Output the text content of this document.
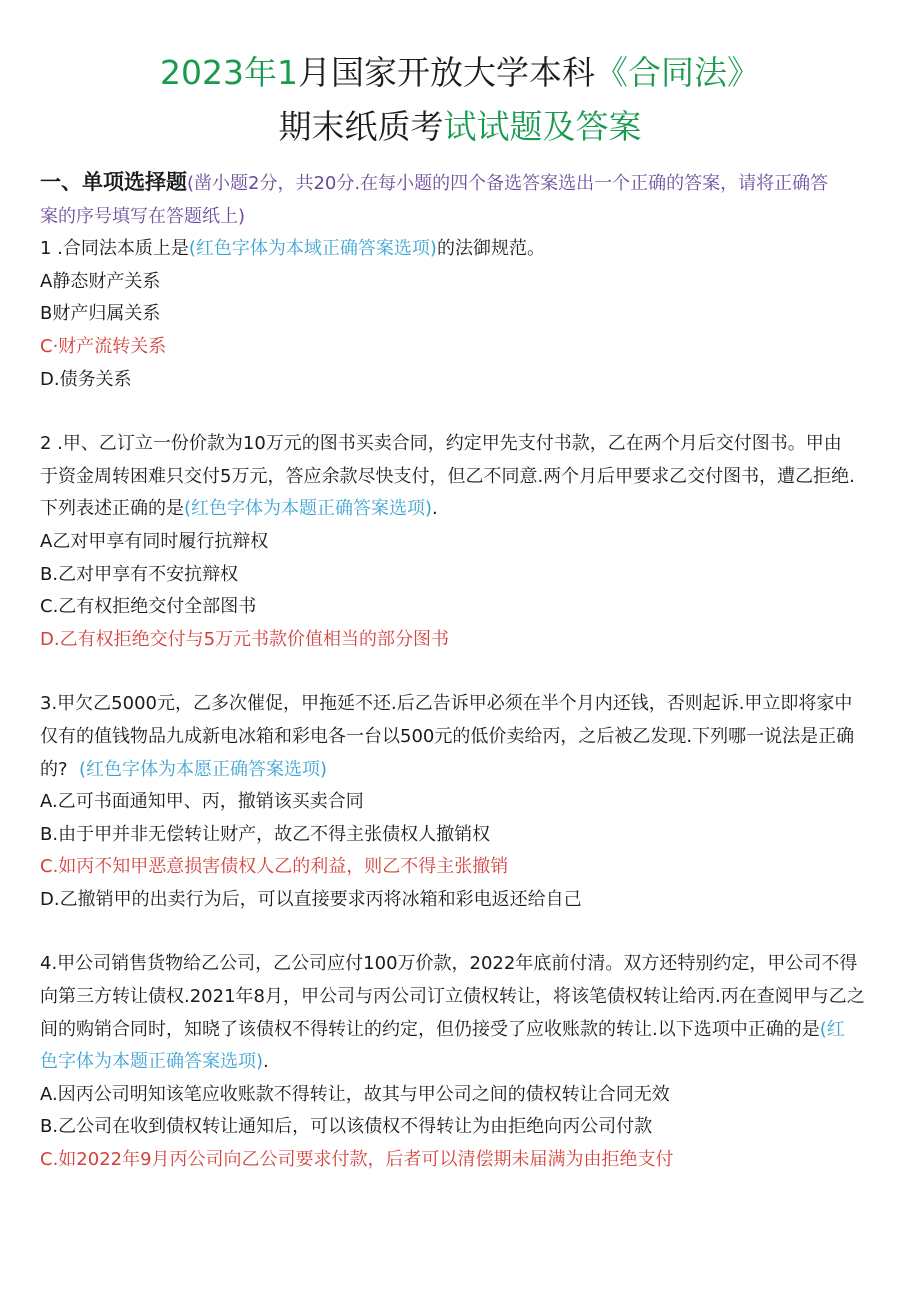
2023年1月国家开放大学本科《合同法》
期末纸质考试试题及答案
一、单项选择题(凿小题2分，共20分.在每小题的四个备选答案选出一个正确的答案，请将正确答
案的序号填写在答题纸上)
1 .合同法本质上是(红色字体为本域正确答案选项)的法御规范。
A静态财产关系
B财产归属关系
C·财产流转关系
D.债务关系
2 .甲、乙订立一份价款为10万元的图书买卖合同，约定甲先支付书款，乙在两个月后交付图书。甲由
于资金周转困难只交付5万元，答应余款尽快支付，但乙不同意.两个月后甲要求乙交付图书，遭乙拒绝.
下列表述正确的是(红色字体为本题正确答案选项).
A乙对甲享有同时履行抗辩权
B.乙对甲享有不安抗辩权
C.乙有权拒绝交付全部图书
D.乙有权拒绝交付与5万元书款价值相当的部分图书
3.甲欠乙5000元，乙多次催促，甲拖延不还.后乙告诉甲必须在半个月内还钱，否则起诉.甲立即将家中
仅有的值钱物品九成新电冰箱和彩电各一台以500元的低价卖给丙，之后被乙发现.下列哪一说法是正确
的? (红色字体为本愿正确答案选项)
A.乙可书面通知甲、丙，撤销该买卖合同
B.由于甲并非无偿转让财产，故乙不得主张债权人撤销权
C.如丙不知甲恶意损害债权人乙的利益，则乙不得主张撤销
D.乙撤销甲的出卖行为后，可以直接要求丙将冰箱和彩电返还给自己
4.甲公司销售货物给乙公司，乙公司应付100万价款，2022年底前付清。双方还特别约定，甲公司不得
向第三方转让债权.2021年8月，甲公司与丙公司订立债权转让，将该笔债权转让给丙.丙在查阅甲与乙之
间的购销合同时，知晓了该债权不得转让的约定，但仍接受了应收账款的转让.以下选项中正确的是(红
色字体为本题正确答案选项).
A.因丙公司明知该笔应收账款不得转让，故其与甲公司之间的债权转让合同无效
B.乙公司在收到债权转让通知后，可以该债权不得转让为由拒绝向丙公司付款
C.如2022年9月丙公司向乙公司要求付款，后者可以清偿期未届满为由拒绝支付
